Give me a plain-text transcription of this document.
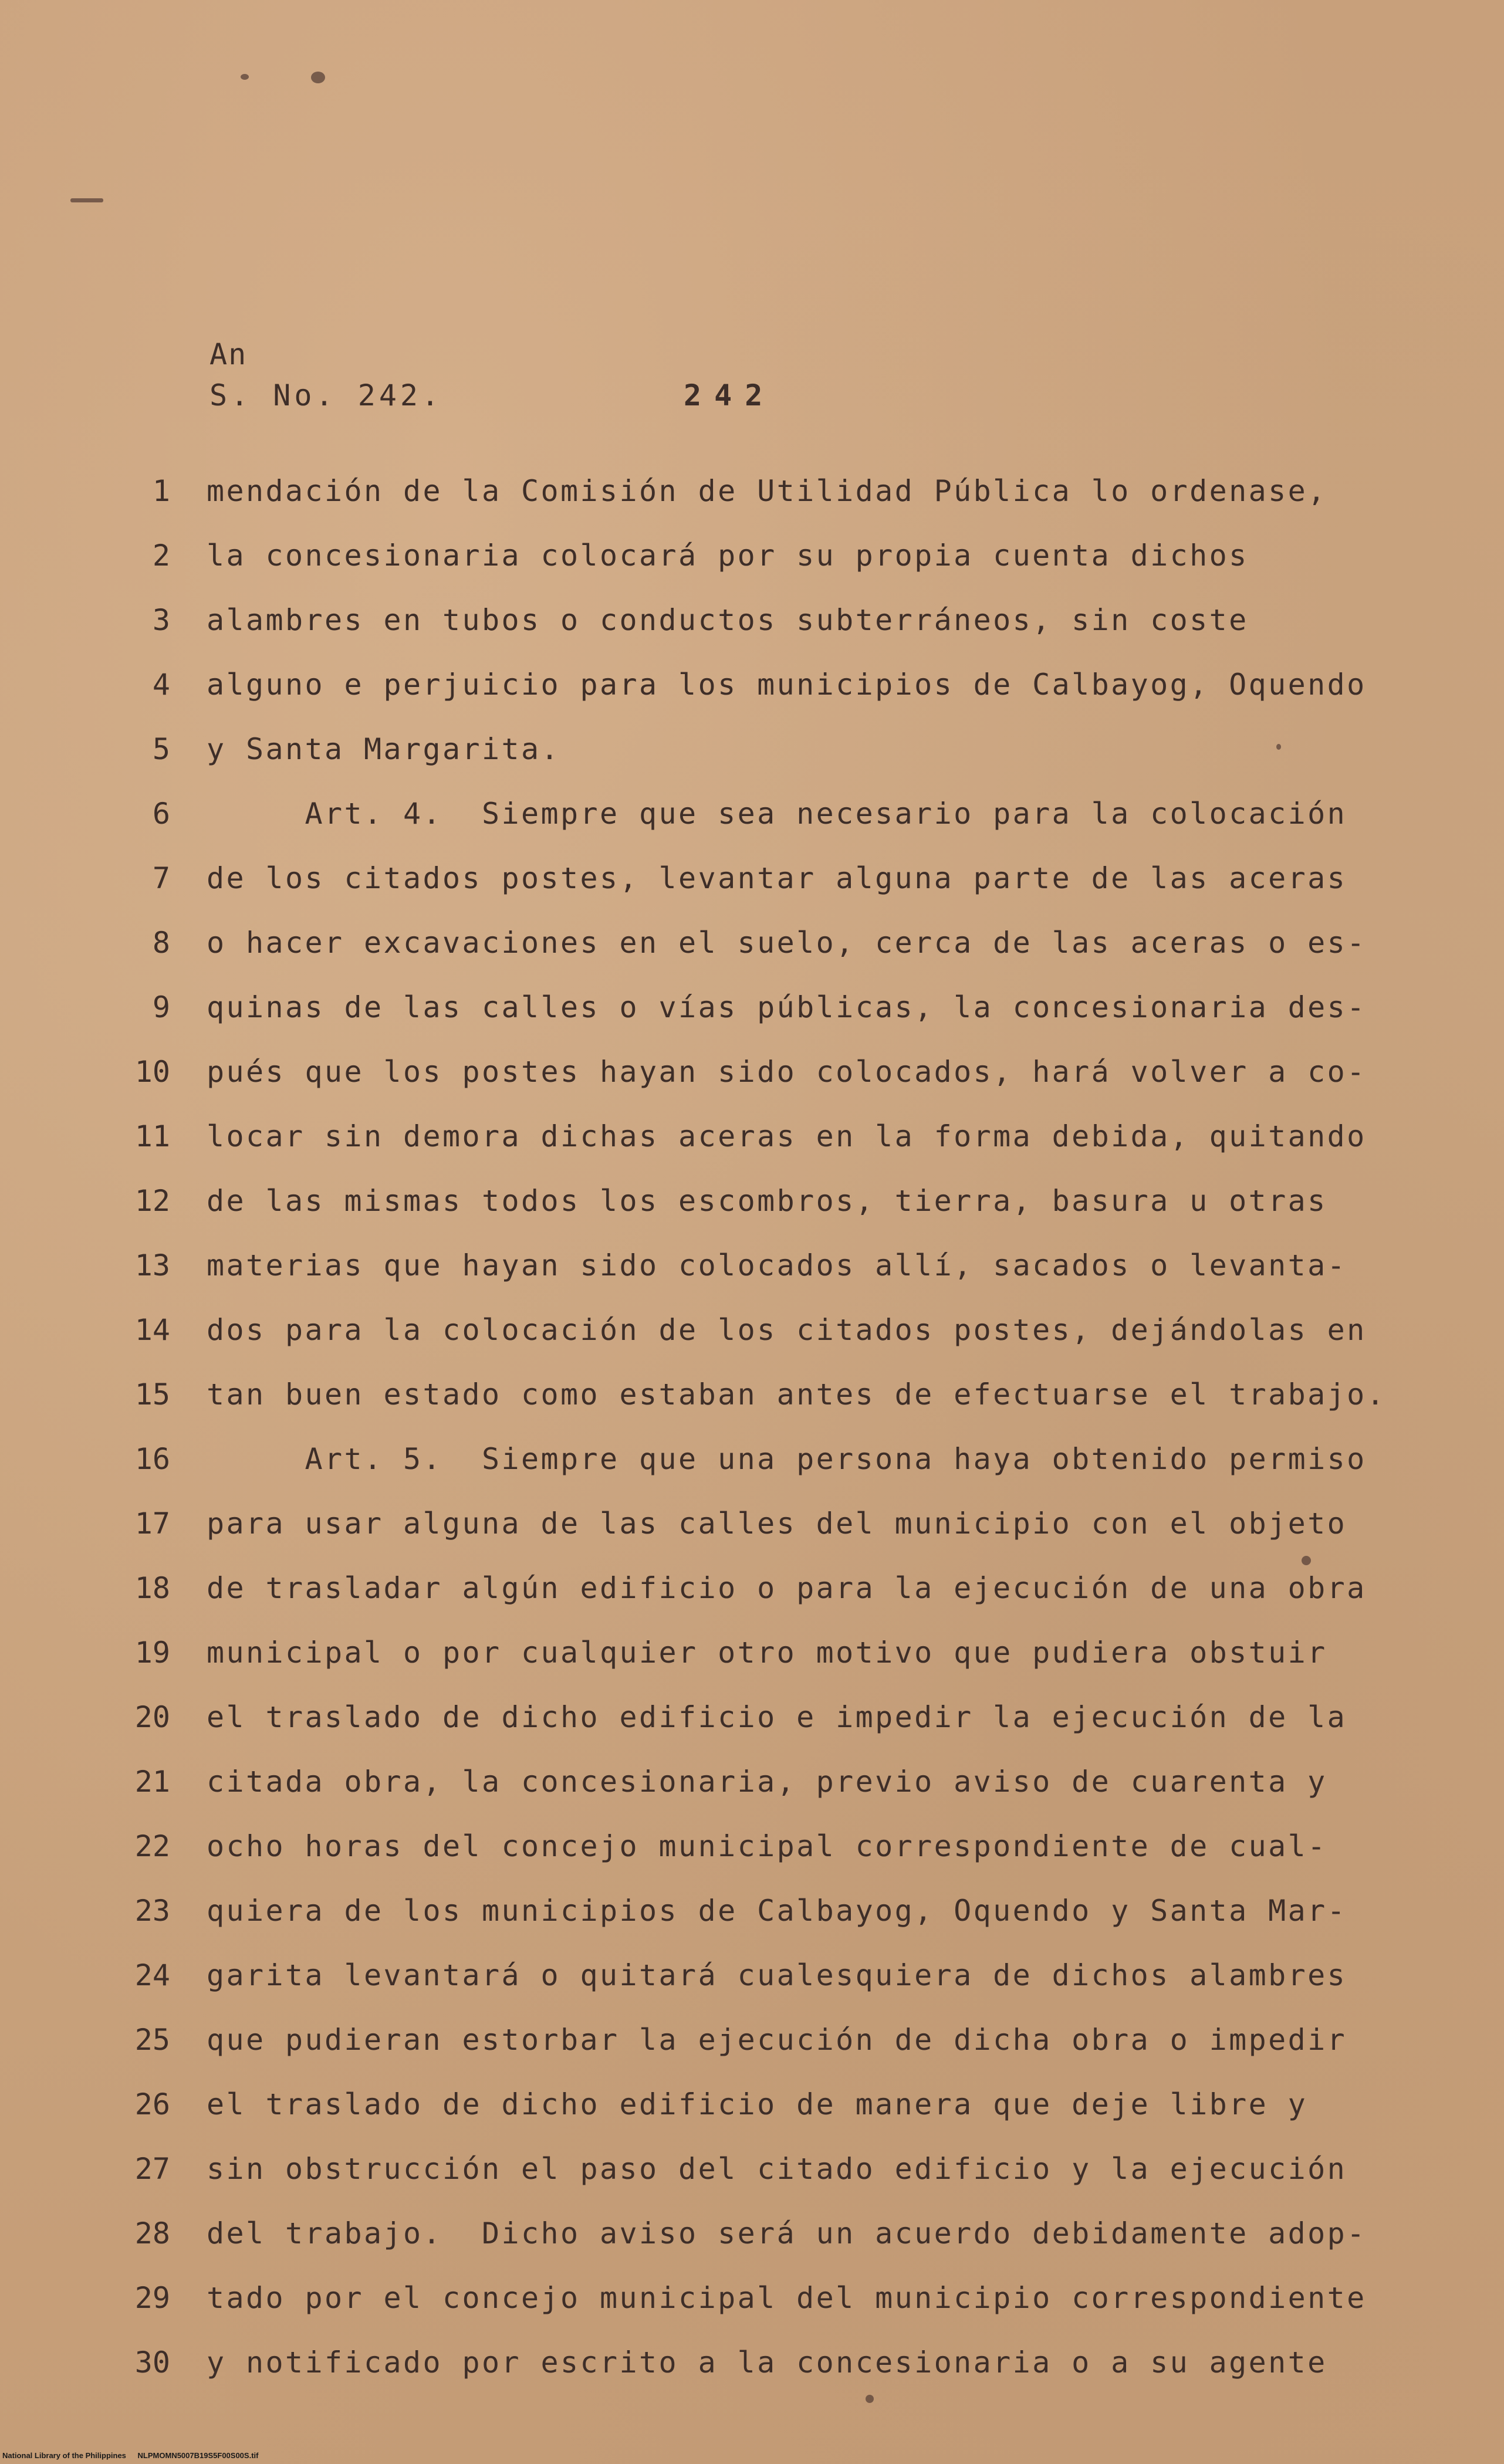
An
S. No. 242.	242
1 mendación de la Comisión de Utilidad Pública lo ordenase,
2 la concesionaria colocará por su propia cuenta dichos
3 alambres en tubos o conductos subterráneos, sin coste
4 alguno e perjuicio para los municipios de Calbayog, Oquendo
5 y Santa Margarita.
6 Art. 4.  Siempre que sea necesario para la colocación
7 de los citados postes, levantar alguna parte de las aceras
8 o hacer excavaciones en el suelo, cerca de las aceras o es-
9 quinas de las calles o vías públicas, la concesionaria des-
10 pués que los postes hayan sido colocados, hará volver a co-
11 locar sin demora dichas aceras en la forma debida, quitando
12 de las mismas todos los escombros, tierra, basura u otras
13 materias que hayan sido colocados allí, sacados o levanta-
14 dos para la colocación de los citados postes, dejándolas en
15 tan buen estado como estaban antes de efectuarse el trabajo.
16 Art. 5.  Siempre que una persona haya obtenido permiso
17 para usar alguna de las calles del municipio con el objeto
18 de trasladar algún edificio o para la ejecución de una obra
19 municipal o por cualquier otro motivo que pudiera obstuir
20 el traslado de dicho edificio e impedir la ejecución de la
21 citada obra, la concesionaria, previo aviso de cuarenta y
22 ocho horas del concejo municipal correspondiente de cual-
23 quiera de los municipios de Calbayog, Oquendo y Santa Mar-
24 garita levantará o quitará cualesquiera de dichos alambres
25 que pudieran estorbar la ejecución de dicha obra o impedir
26 el traslado de dicho edificio de manera que deje libre y
27 sin obstrucción el paso del citado edificio y la ejecución
28 del trabajo.  Dicho aviso será un acuerdo debidamente adop-
29 tado por el concejo municipal del municipio correspondiente
30 y notificado por escrito a la concesionaria o a su agente
National Library of the Philippines NLPMOMN5007B19S5F00S00S.tif
